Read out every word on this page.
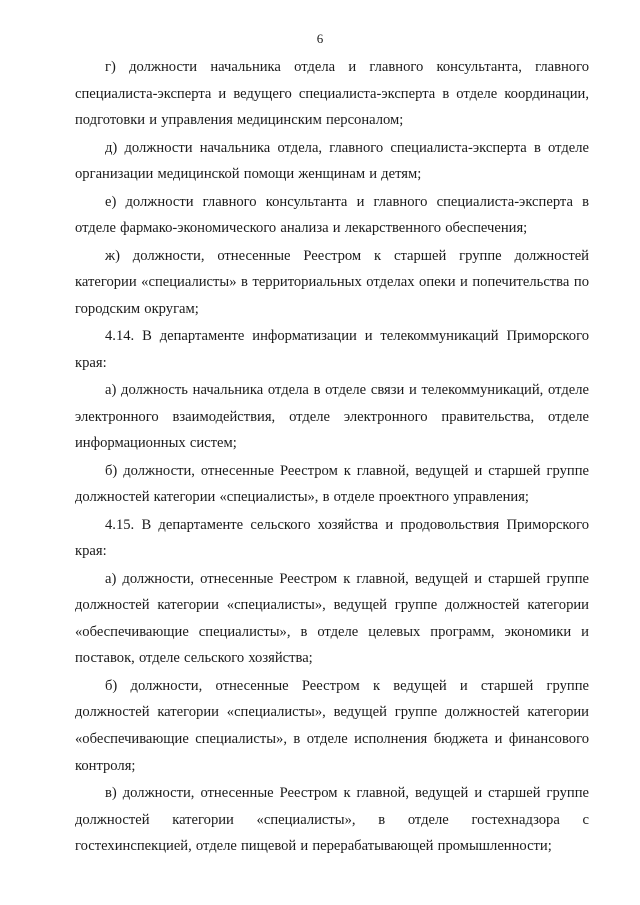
6

г) должности начальника отдела и главного консультанта, главного специалиста-эксперта и ведущего специалиста-эксперта в отделе координации, подготовки и управления медицинским персоналом;

д) должности начальника отдела, главного специалиста-эксперта в отделе организации медицинской помощи женщинам и детям;

е) должности главного консультанта и главного специалиста-эксперта в отделе фармако-экономического анализа и лекарственного обеспечения;

ж) должности, отнесенные Реестром к старшей группе должностей категории «специалисты» в территориальных отделах опеки и попечительства по городским округам;

4.14. В департаменте информатизации и телекоммуникаций Приморского края:

а) должность начальника отдела в отделе связи и телекоммуникаций, отделе электронного взаимодействия, отделе электронного правительства, отделе информационных систем;

б) должности, отнесенные Реестром к главной, ведущей и старшей группе должностей категории «специалисты», в отделе проектного управления;

4.15. В департаменте сельского хозяйства и продовольствия Приморского края:

а) должности, отнесенные Реестром к главной, ведущей и старшей группе должностей категории «специалисты», ведущей группе должностей категории «обеспечивающие специалисты», в отделе целевых программ, экономики и поставок, отделе сельского хозяйства;

б) должности, отнесенные Реестром к ведущей и старшей группе должностей категории «специалисты», ведущей группе должностей категории «обеспечивающие специалисты», в отделе исполнения бюджета и финансового контроля;

в) должности, отнесенные Реестром к главной, ведущей и старшей группе должностей категории «специалисты», в отделе гостехнадзора с гостехинспекцией, отделе пищевой и перерабатывающей промышленности;
